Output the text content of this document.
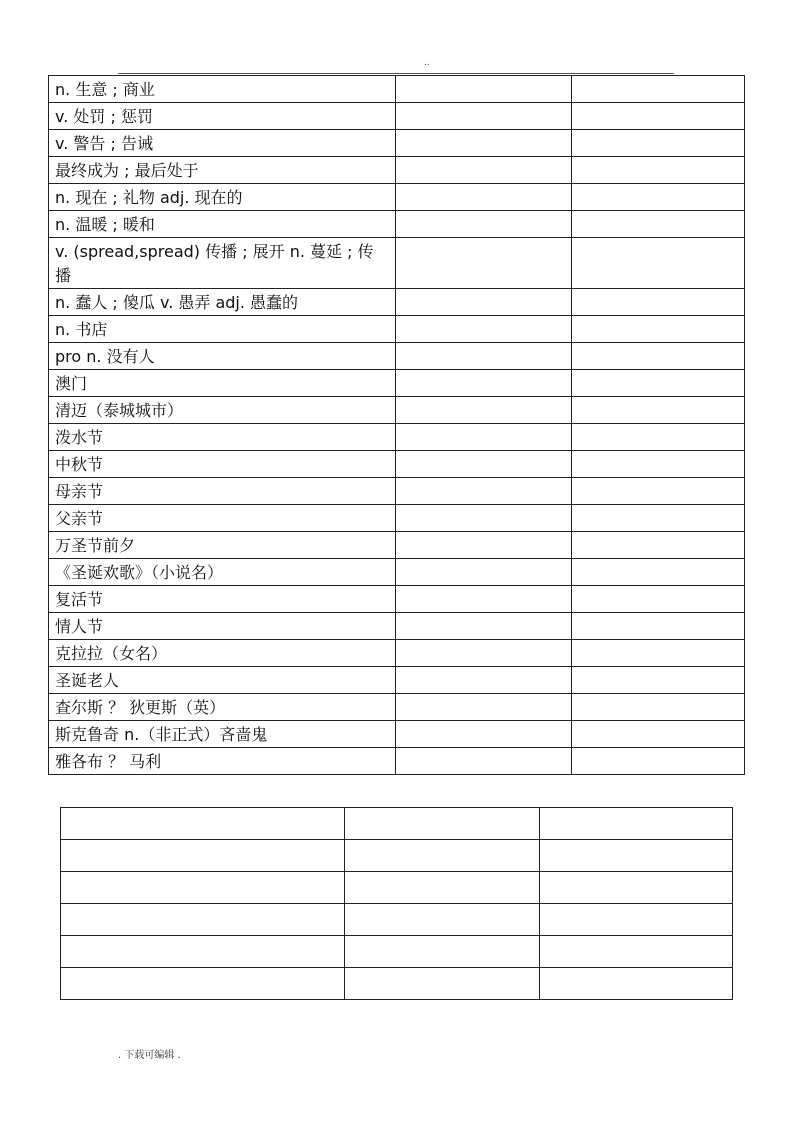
..
n. 生意 ; 商业		
v. 处罚 ; 惩罚		
v. 警告 ; 告诫		
最终成为 ; 最后处于		
n. 现在 ; 礼物 adj. 现在的		
n. 温暖 ; 暖和		
v. (spread,spread) 传播 ; 展开 n. 蔓延 ; 传播		
n. 蠢人 ; 傻瓜 v. 愚弄 adj. 愚蠢的		
n. 书店		
pro n. 没有人		
澳门		
清迈（泰城城市）		
泼水节		
中秋节		
母亲节		
父亲节		
万圣节前夕		
《圣诞欢歌》（小说名）		
复活节		
情人节		
克拉拉（女名）		
圣诞老人		
查尔斯 ？ 狄更斯（英）		
斯克鲁奇 n.（非正式）吝啬鬼		
雅各布 ？ 马利		

. 下载可编辑 .
